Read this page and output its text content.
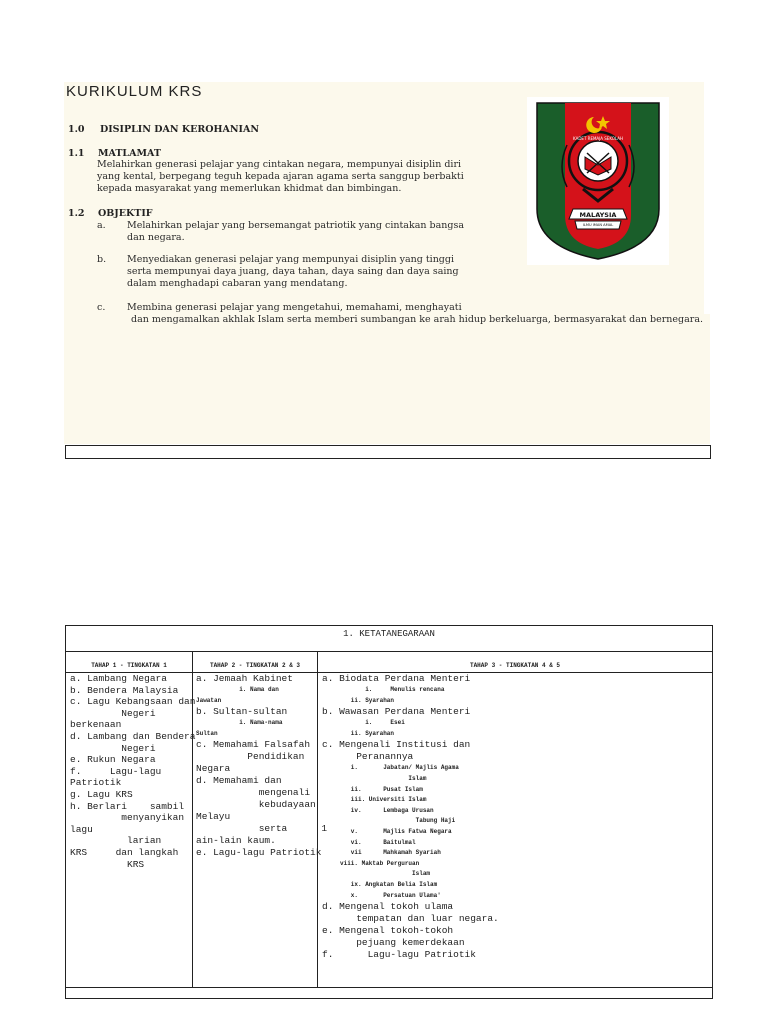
KURIKULUM KRS
1.0 DISIPLIN DAN KEROHANIAN
1.1 MATLAMAT
Melahirkan generasi pelajar yang cintakan negara, mempunyai disiplin diri
yang kental, berpegang teguh kepada ajaran agama serta sanggup berbakti
kepada masyarakat yang memerlukan khidmat dan bimbingan.
1.2 OBJEKTIF
a. Melahirkan pelajar yang bersemangat patriotik yang cintakan bangsa
dan negara.
b. Menyediakan generasi pelajar yang mempunyai disiplin yang tinggi
serta mempunyai daya juang, daya tahan, daya saing dan daya saing
dalam menghadapi cabaran yang mendatang.
c. Membina generasi pelajar yang mengetahui, memahami, menghayati
dan mengamalkan akhlak Islam serta memberi sumbangan ke arah hidup berkeluarga, bermasyarakat dan bernegara.
MALAYSIA
ILMU IMAN AMAL
KADET REMAJA SEKOLAH
1. KETATANEGARAAN
TAHAP 1 - TINGKATAN 1	TAHAP 2 - TINGKATAN 2 & 3	TAHAP 3 - TINGKATAN 4 & 5
a. Lambang Negara
b. Bendera Malaysia
c. Lagu Kebangsaan dan
Negeri
berkenaan
d. Lambang dan Bendera
Negeri
e. Rukun Negara
f.     Lagu-lagu
Patriotik
g. Lagu KRS
h. Berlari    sambil
menyanyikan
lagu
larian
KRS     dan langkah
KRS
a. Jemaah Kabinet
i. Nama dan
Jawatan
b. Sultan-sultan
i. Nama-nama
Sultan
c. Memahami Falsafah
Pendidikan
Negara
d. Memahami dan
mengenali
kebudayaan
Melayu
serta      1
ain-lain kaum.
e. Lagu-lagu Patriotik
a. Biodata Perdana Menteri
i.     Menulis rencana
ii. Syarahan
b. Wawasan Perdana Menteri
i.     Esei
ii. Syarahan
c. Mengenali Institusi dan
Peranannya
i.       Jabatan/ Majlis Agama
Islam
ii.      Pusat Islam
iii. Universiti Islam
iv.      Lembaga Urusan
Tabung Haji
v.       Majlis Fatwa Negara
vi.      Baitulmal
vii      Mahkamah Syariah
viii. Maktab Perguruan
Islam
ix. Angkatan Belia Islam
x.       Persatuan Ulama'
d. Mengenal tokoh ulama
tempatan dan luar negara.
e. Mengenal tokoh-tokoh
pejuang kemerdekaan
f.      Lagu-lagu Patriotik
